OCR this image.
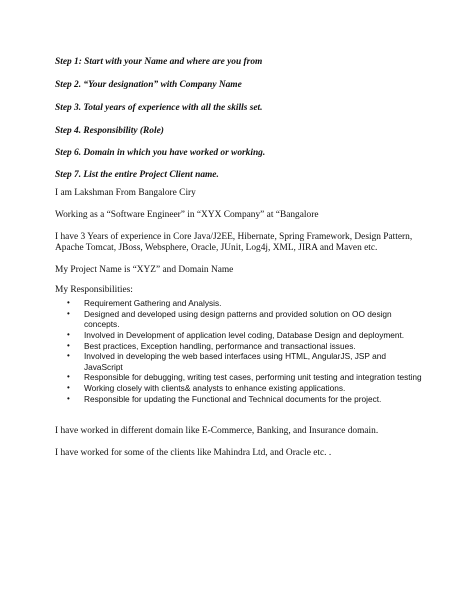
Step 1: Start with your Name and where are you from
Step 2. “Your designation” with Company Name
Step 3. Total years of experience with all the skills set.
Step 4. Responsibility (Role)
Step 6. Domain in which you have worked or working.
Step 7. List the entire Project Client name.
I am Lakshman From Bangalore Ciry
Working as a “Software Engineer” in “XYX Company” at “Bangalore
I have 3 Years of experience in Core Java/J2EE, Hibernate, Spring Framework, Design Pattern, Apache Tomcat, JBoss, Websphere, Oracle, JUnit, Log4j, XML, JIRA and Maven etc.
My Project Name is “XYZ” and Domain Name
My Responsibilities:
• Requirement Gathering and Analysis.
• Designed and developed using design patterns and provided solution on OO design concepts.
• Involved in Development of application level coding, Database Design and deployment.
• Best practices, Exception handling, performance and transactional issues.
• Involved in developing the web based interfaces using HTML, AngularJS, JSP and JavaScript
• Responsible for debugging, writing test cases, performing unit testing and integration testing
• Working closely with clients& analysts to enhance existing applications.
• Responsible for updating the Functional and Technical documents for the project.
I have worked in different domain like E-Commerce, Banking, and Insurance domain.
I have worked for some of the clients like Mahindra Ltd, and Oracle etc. .
